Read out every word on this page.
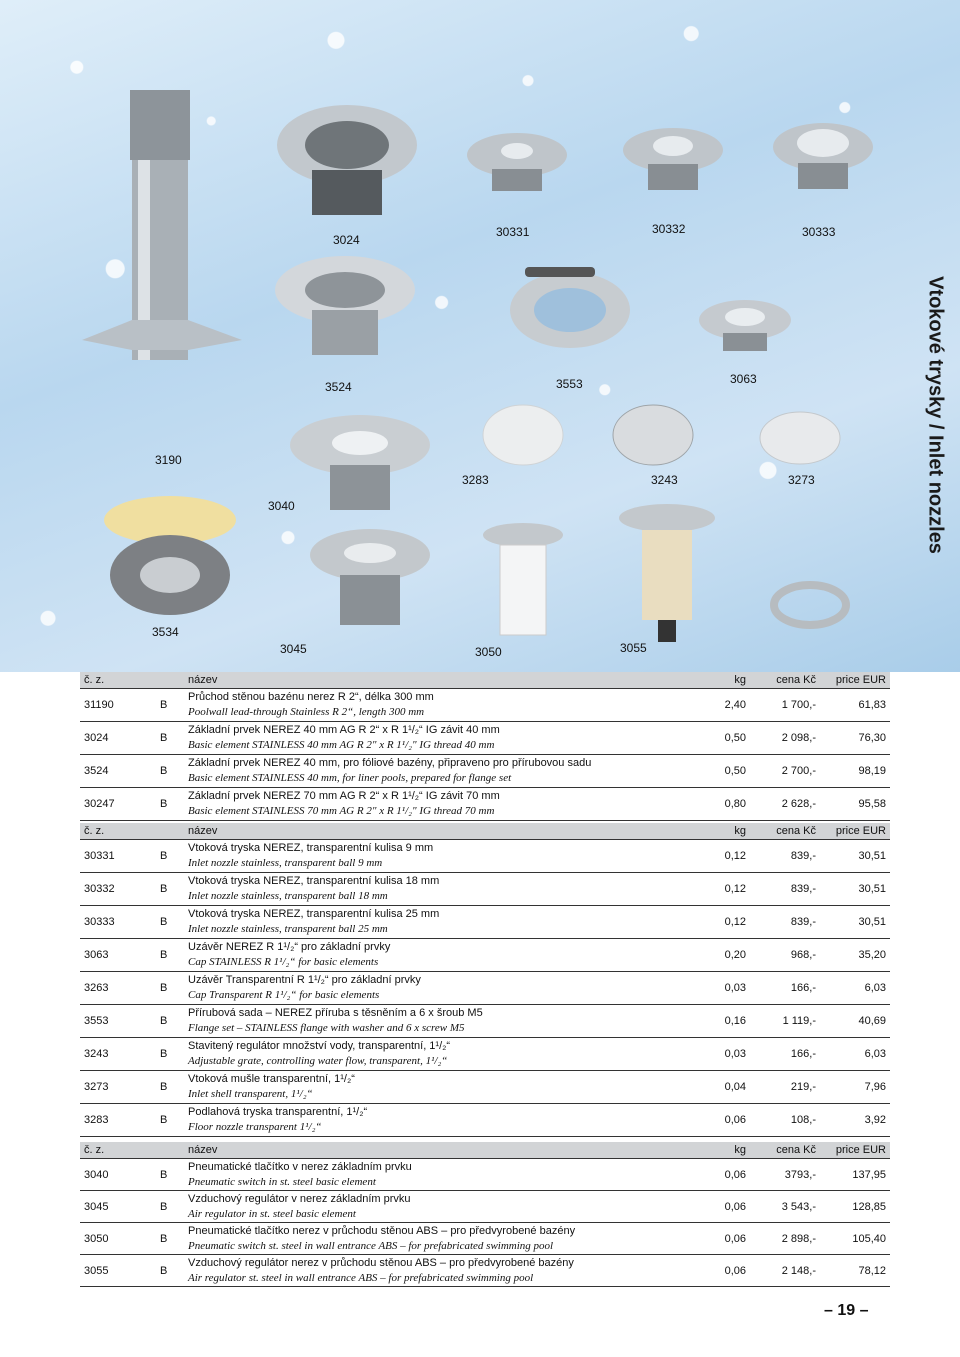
3024
30331	30332	30333
3190
3524	3553	3063
3040
3283	3243	3273
3534
3045	3050	3055
Vtokové trysky / Inlet nozzles
č. z.		název	kg	cena Kč	price EUR
31190	B	Průchod stěnou bazénu nerez R 2“, délka 300 mm
Poolwall lead-through Stainless R 2“, length 300 mm	2,40	1 700,-	61,83
3024	B	Základní prvek NEREZ 40 mm AG R 2“ x R 1¹/₂“ IG závit 40 mm
Basic element STAINLESS 40 mm AG R 2" x R 1¹/₂" IG thread 40 mm	0,50	2 098,-	76,30
3524	B	Základní prvek NEREZ 40 mm, pro fóliové bazény, připraveno pro přírubovou sadu
Basic element STAINLESS 40 mm, for liner pools, prepared for flange set	0,50	2 700,-	98,19
30247	B	Základní prvek NEREZ 70 mm AG R 2“ x R 1¹/₂“ IG závit 70 mm
Basic element STAINLESS 70 mm AG R 2" x R 1¹/₂" IG thread 70 mm	0,80	2 628,-	95,58
č. z.		název	kg	cena Kč	price EUR
30331	B	Vtoková tryska NEREZ, transparentní kulisa 9 mm
Inlet nozzle stainless, transparent ball 9 mm	0,12	839,-	30,51
30332	B	Vtoková tryska NEREZ, transparentní kulisa 18 mm
Inlet nozzle stainless, transparent ball 18 mm	0,12	839,-	30,51
30333	B	Vtoková tryska NEREZ, transparentní kulisa 25 mm
Inlet nozzle stainless, transparent ball 25 mm	0,12	839,-	30,51
3063	B	Uzávěr NEREZ R 1¹/₂“ pro základní prvky
Cap STAINLESS R 1¹/₂“ for basic elements	0,20	968,-	35,20
3263	B	Uzávěr Transparentní R 1¹/₂“ pro základní prvky
Cap Transparent R 1¹/₂“ for basic elements	0,03	166,-	6,03
3553	B	Přírubová sada – NEREZ příruba s těsněním a 6 x šroub M5
Flange set – STAINLESS flange with washer and 6 x screw M5	0,16	1 119,-	40,69
3243	B	Stavitený regulátor množství vody, transparentní, 1¹/₂“
Adjustable grate, controlling water flow, transparent, 1¹/₂“	0,03	166,-	6,03
3273	B	Vtoková mušle transparentní, 1¹/₂“
Inlet shell transparent, 1¹/₂“	0,04	219,-	7,96
3283	B	Podlahová tryska transparentní, 1¹/₂“
Floor nozzle transparent 1¹/₂“	0,06	108,-	3,92
č. z.		název	kg	cena Kč	price EUR
3040	B	Pneumatické tlačítko v nerez základním prvku
Pneumatic switch in st. steel basic element	0,06	3793,-	137,95
3045	B	Vzduchový regulátor v nerez základním prvku
Air regulator in st. steel basic element	0,06	3 543,-	128,85
3050	B	Pneumatické tlačítko nerez v průchodu stěnou ABS – pro předvyrobené bazény
Pneumatic switch st. steel in wall entrance ABS – for prefabricated swimming pool	0,06	2 898,-	105,40
3055	B	Vzduchový regulátor nerez v průchodu stěnou ABS – pro předvyrobené bazény
Air regulator st. steel in wall entrance ABS – for prefabricated swimming pool	0,06	2 148,-	78,12
– 19 –
